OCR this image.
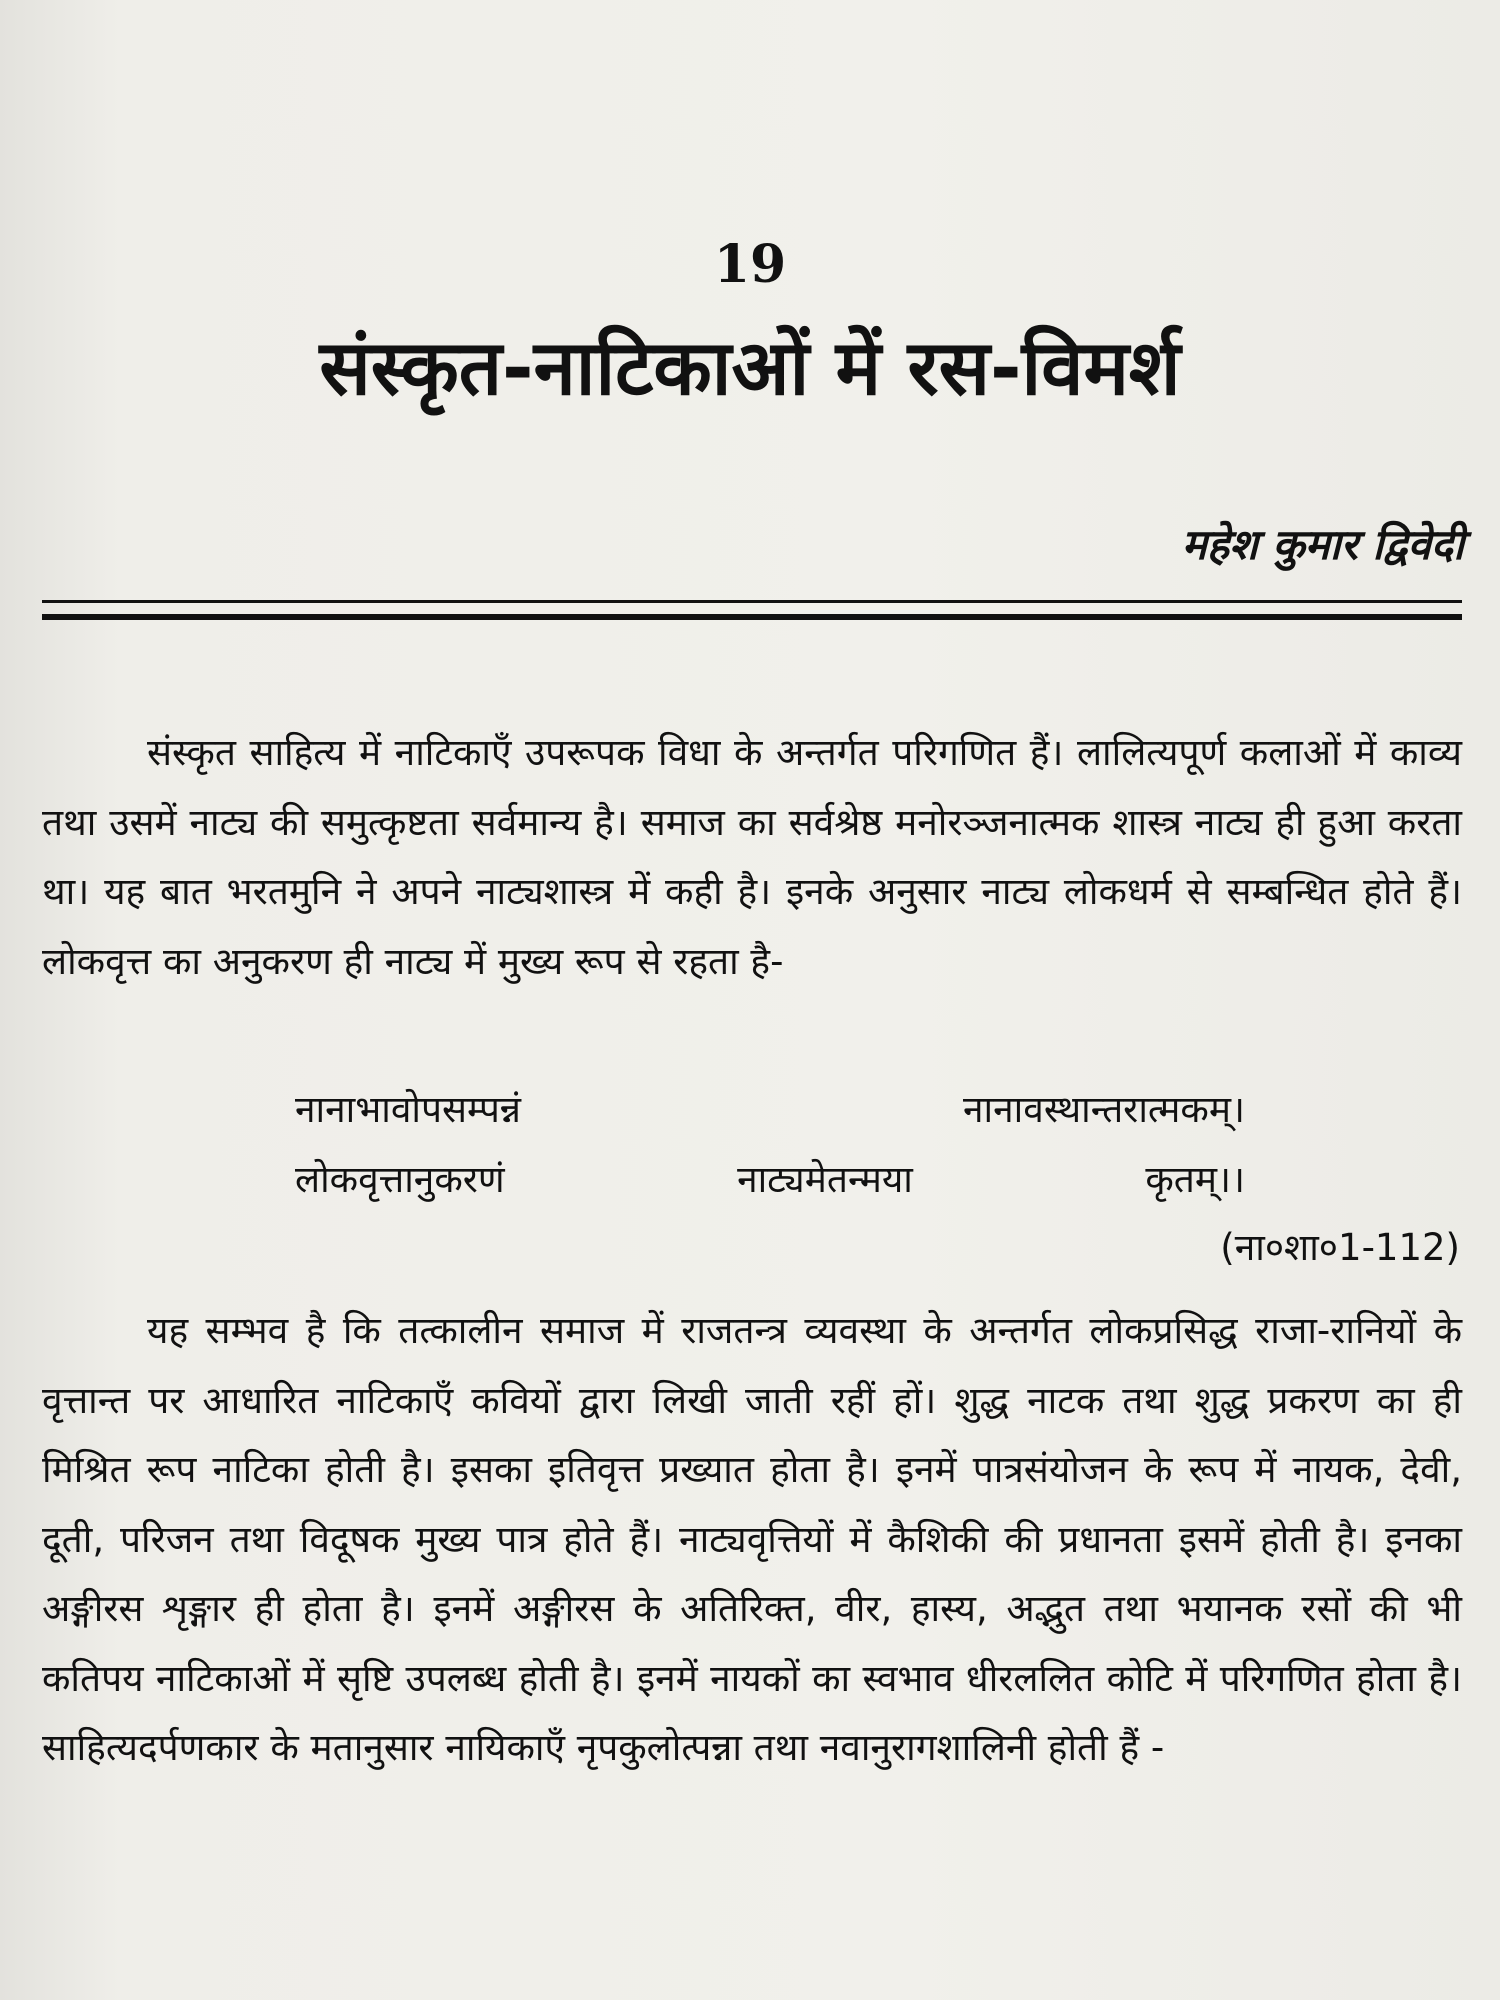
19
संस्कृत-नाटिकाओं में रस-विमर्श
महेश कुमार द्विवेदी

संस्कृत साहित्य में नाटिकाएँ उपरूपक विधा के अन्तर्गत परिगणित हैं। लालित्यपूर्ण कलाओं में काव्य तथा उसमें नाट्य की समुत्कृष्टता सर्वमान्य है। समाज का सर्वश्रेष्ठ मनोरञ्जनात्मक शास्त्र नाट्य ही हुआ करता था। यह बात भरतमुनि ने अपने नाट्यशास्त्र में कही है। इनके अनुसार नाट्य लोकधर्म से सम्बन्धित होते हैं। लोकवृत्त का अनुकरण ही नाट्य में मुख्य रूप से रहता है-

नानाभावोपसम्पन्नं नानावस्थान्तरात्मकम्।
लोकवृत्तानुकरणं नाट्यमेतन्मया कृतम्।।
(ना०शा०1-112)

यह सम्भव है कि तत्कालीन समाज में राजतन्त्र व्यवस्था के अन्तर्गत लोकप्रसिद्ध राजा-रानियों के वृत्तान्त पर आधारित नाटिकाएँ कवियों द्वारा लिखी जाती रहीं हों। शुद्ध नाटक तथा शुद्ध प्रकरण का ही मिश्रित रूप नाटिका होती है। इसका इतिवृत्त प्रख्यात होता है। इनमें पात्रसंयोजन के रूप में नायक, देवी, दूती, परिजन तथा विदूषक मुख्य पात्र होते हैं। नाट्यवृत्तियों में कैशिकी की प्रधानता इसमें होती है। इनका अङ्गीरस शृङ्गार ही होता है। इनमें अङ्गीरस के अतिरिक्त, वीर, हास्य, अद्भुत तथा भयानक रसों की भी कतिपय नाटिकाओं में सृष्टि उपलब्ध होती है। इनमें नायकों का स्वभाव धीरललित कोटि में परिगणित होता है। साहित्यदर्पणकार के मतानुसार नायिकाएँ नृपकुलोत्पन्ना तथा नवानुरागशालिनी होती हैं -
